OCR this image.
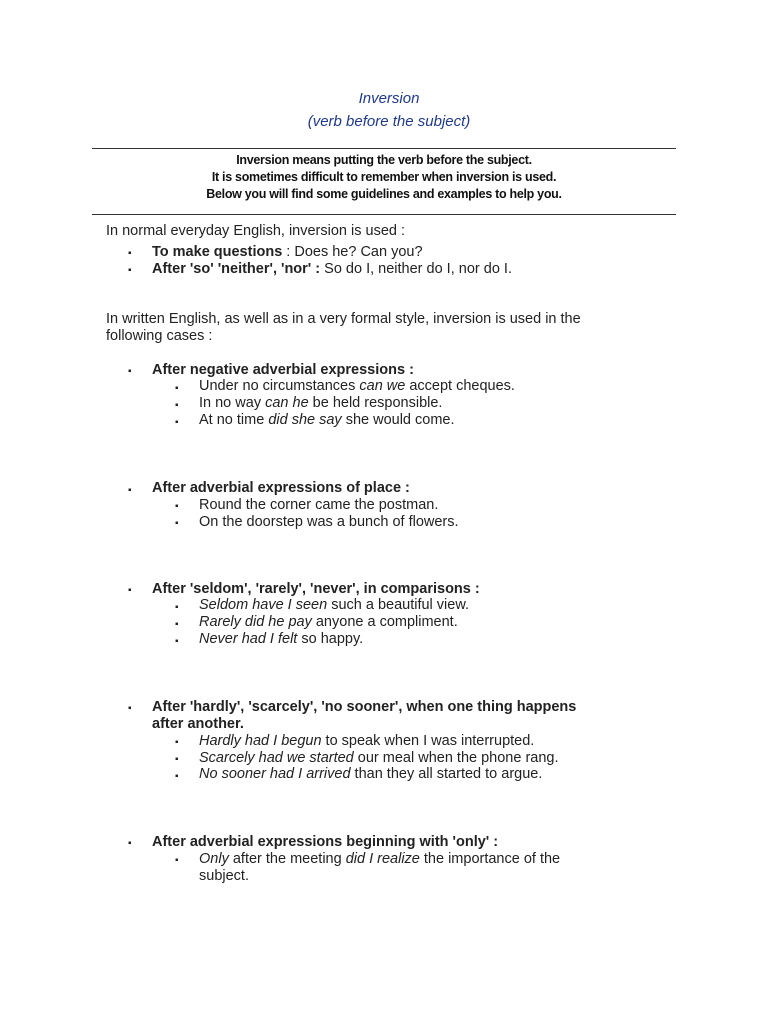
Inversion
(verb before the subject)
Inversion means putting the verb before the subject.
It is sometimes difficult to remember when inversion is used.
Below you will find some guidelines and examples to help you.
In normal everyday English, inversion is used :
▪ To make questions : Does he? Can you?
▪ After 'so' 'neither', 'nor' : So do I, neither do I, nor do I.
In written English, as well as in a very formal style, inversion is used in the
following cases :
▪ After negative adverbial expressions :
▪ Under no circumstances can we accept cheques.
▪ In no way can he be held responsible.
▪ At no time did she say she would come.
▪ After adverbial expressions of place :
▪ Round the corner came the postman.
▪ On the doorstep was a bunch of flowers.
▪ After 'seldom', 'rarely', 'never', in comparisons :
▪ Seldom have I seen such a beautiful view.
▪ Rarely did he pay anyone a compliment.
▪ Never had I felt so happy.
▪ After 'hardly', 'scarcely', 'no sooner', when one thing happens
after another.
▪ Hardly had I begun to speak when I was interrupted.
▪ Scarcely had we started our meal when the phone rang.
▪ No sooner had I arrived than they all started to argue.
▪ After adverbial expressions beginning with 'only' :
▪ Only after the meeting did I realize the importance of the
subject.
